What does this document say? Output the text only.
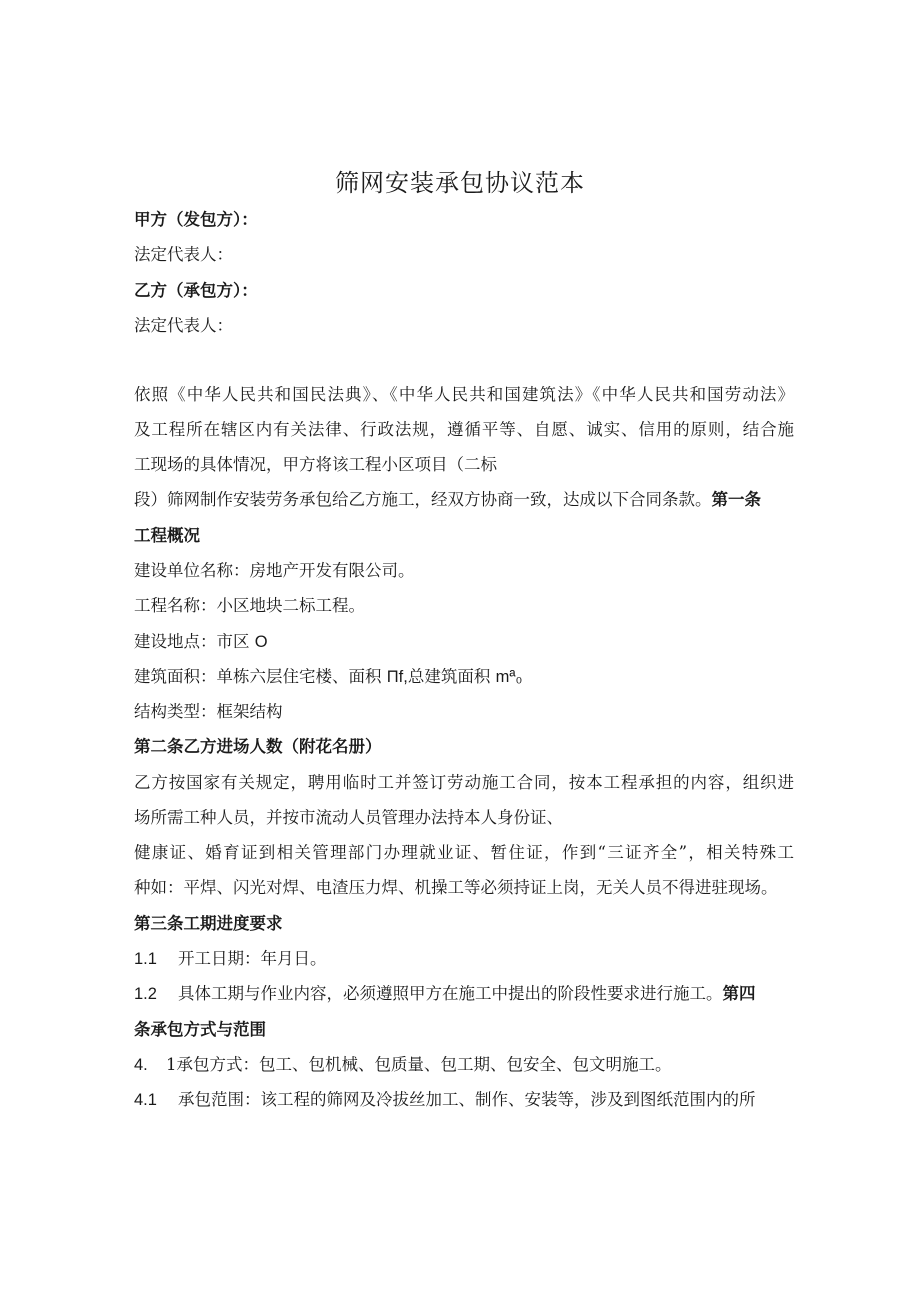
筛网安装承包协议范本

甲方（发包方）：

法定代表人：

乙方（承包方）：

法定代表人：

依照《中华人民共和国民法典》、《中华人民共和国建筑法》《中华人民共和国劳动法》

及工程所在辖区内有关法律、行政法规，遵循平等、自愿、诚实、信用的原则，结合施

工现场的具体情况，甲方将该工程小区项目（二标

段）筛网制作安装劳务承包给乙方施工，经双方协商一致，达成以下合同条款。第一条

工程概况

建设单位名称：房地产开发有限公司。

工程名称：小区地块二标工程。

建设地点：市区 O

建筑面积：单栋六层住宅楼、面积 Πf,总建筑面积 mª₀

结构类型：框架结构

第二条乙方进场人数（附花名册）

乙方按国家有关规定，聘用临时工并签订劳动施工合同，按本工程承担的内容，组织进

场所需工种人员，并按市流动人员管理办法持本人身份证、

健康证、婚育证到相关管理部门办理就业证、暂住证，作到“三证齐全”，相关特殊工

种如：平焊、闪光对焊、电渣压力焊、机操工等必须持证上岗，无关人员不得进驻现场。

第三条工期进度要求

1.1 开工日期：年月日。

1.2 具体工期与作业内容，必须遵照甲方在施工中提出的阶段性要求进行施工。第四

条承包方式与范围

4. 1承包方式：包工、包机械、包质量、包工期、包安全、包文明施工。

4.1 承包范围：该工程的筛网及冷拔丝加工、制作、安装等，涉及到图纸范围内的所
